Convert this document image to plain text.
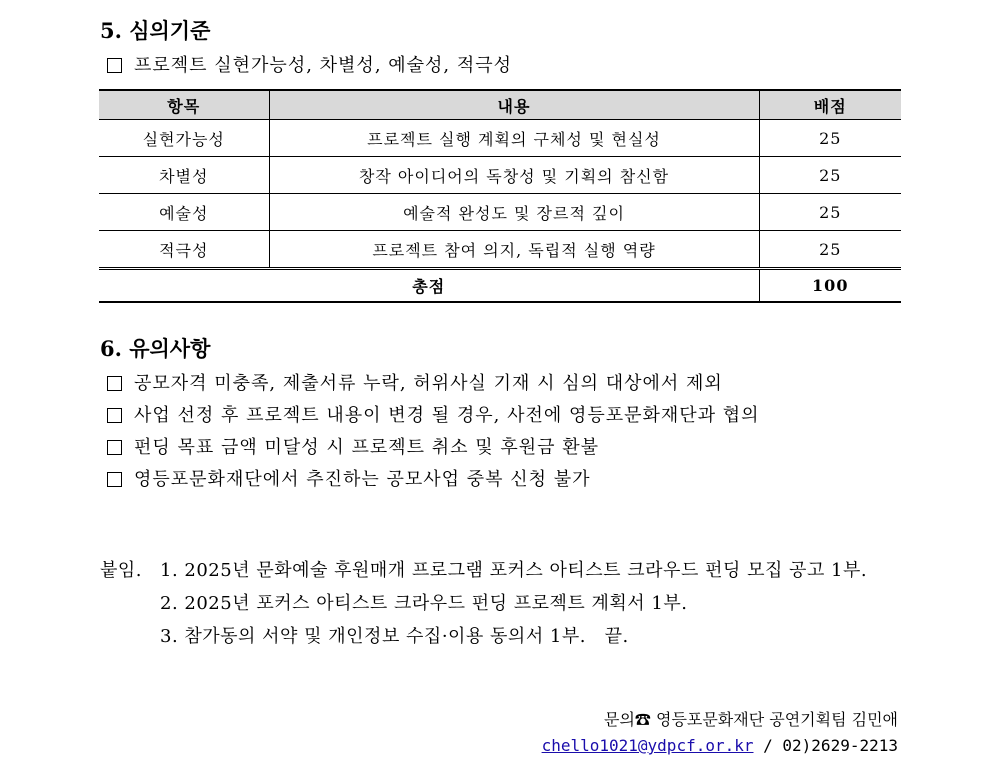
5. 심의기준
프로젝트 실현가능성, 차별성, 예술성, 적극성
항목	내용	배점
실현가능성	프로젝트 실행 계획의 구체성 및 현실성	25
차별성	창작 아이디어의 독창성 및 기획의 참신함	25
예술성	예술적 완성도 및 장르적 깊이	25
적극성	프로젝트 참여 의지, 독립적 실행 역량	25
총점		100
6. 유의사항
공모자격 미충족, 제출서류 누락, 허위사실 기재 시 심의 대상에서 제외
사업 선정 후 프로젝트 내용이 변경 될 경우, 사전에 영등포문화재단과 협의
펀딩 목표 금액 미달성 시 프로젝트 취소 및 후원금 환불
영등포문화재단에서 추진하는 공모사업 중복 신청 불가
붙임. 1. 2025년 문화예술 후원매개 프로그램 포커스 아티스트 크라우드 펀딩 모집 공고 1부.
2. 2025년 포커스 아티스트 크라우드 펀딩 프로젝트 계획서 1부.
3. 참가동의 서약 및 개인정보 수집·이용 동의서 1부.   끝.
문의☎ 영등포문화재단 공연기획팀 김민애
chello1021@ydpcf.or.kr / 02)2629-2213
